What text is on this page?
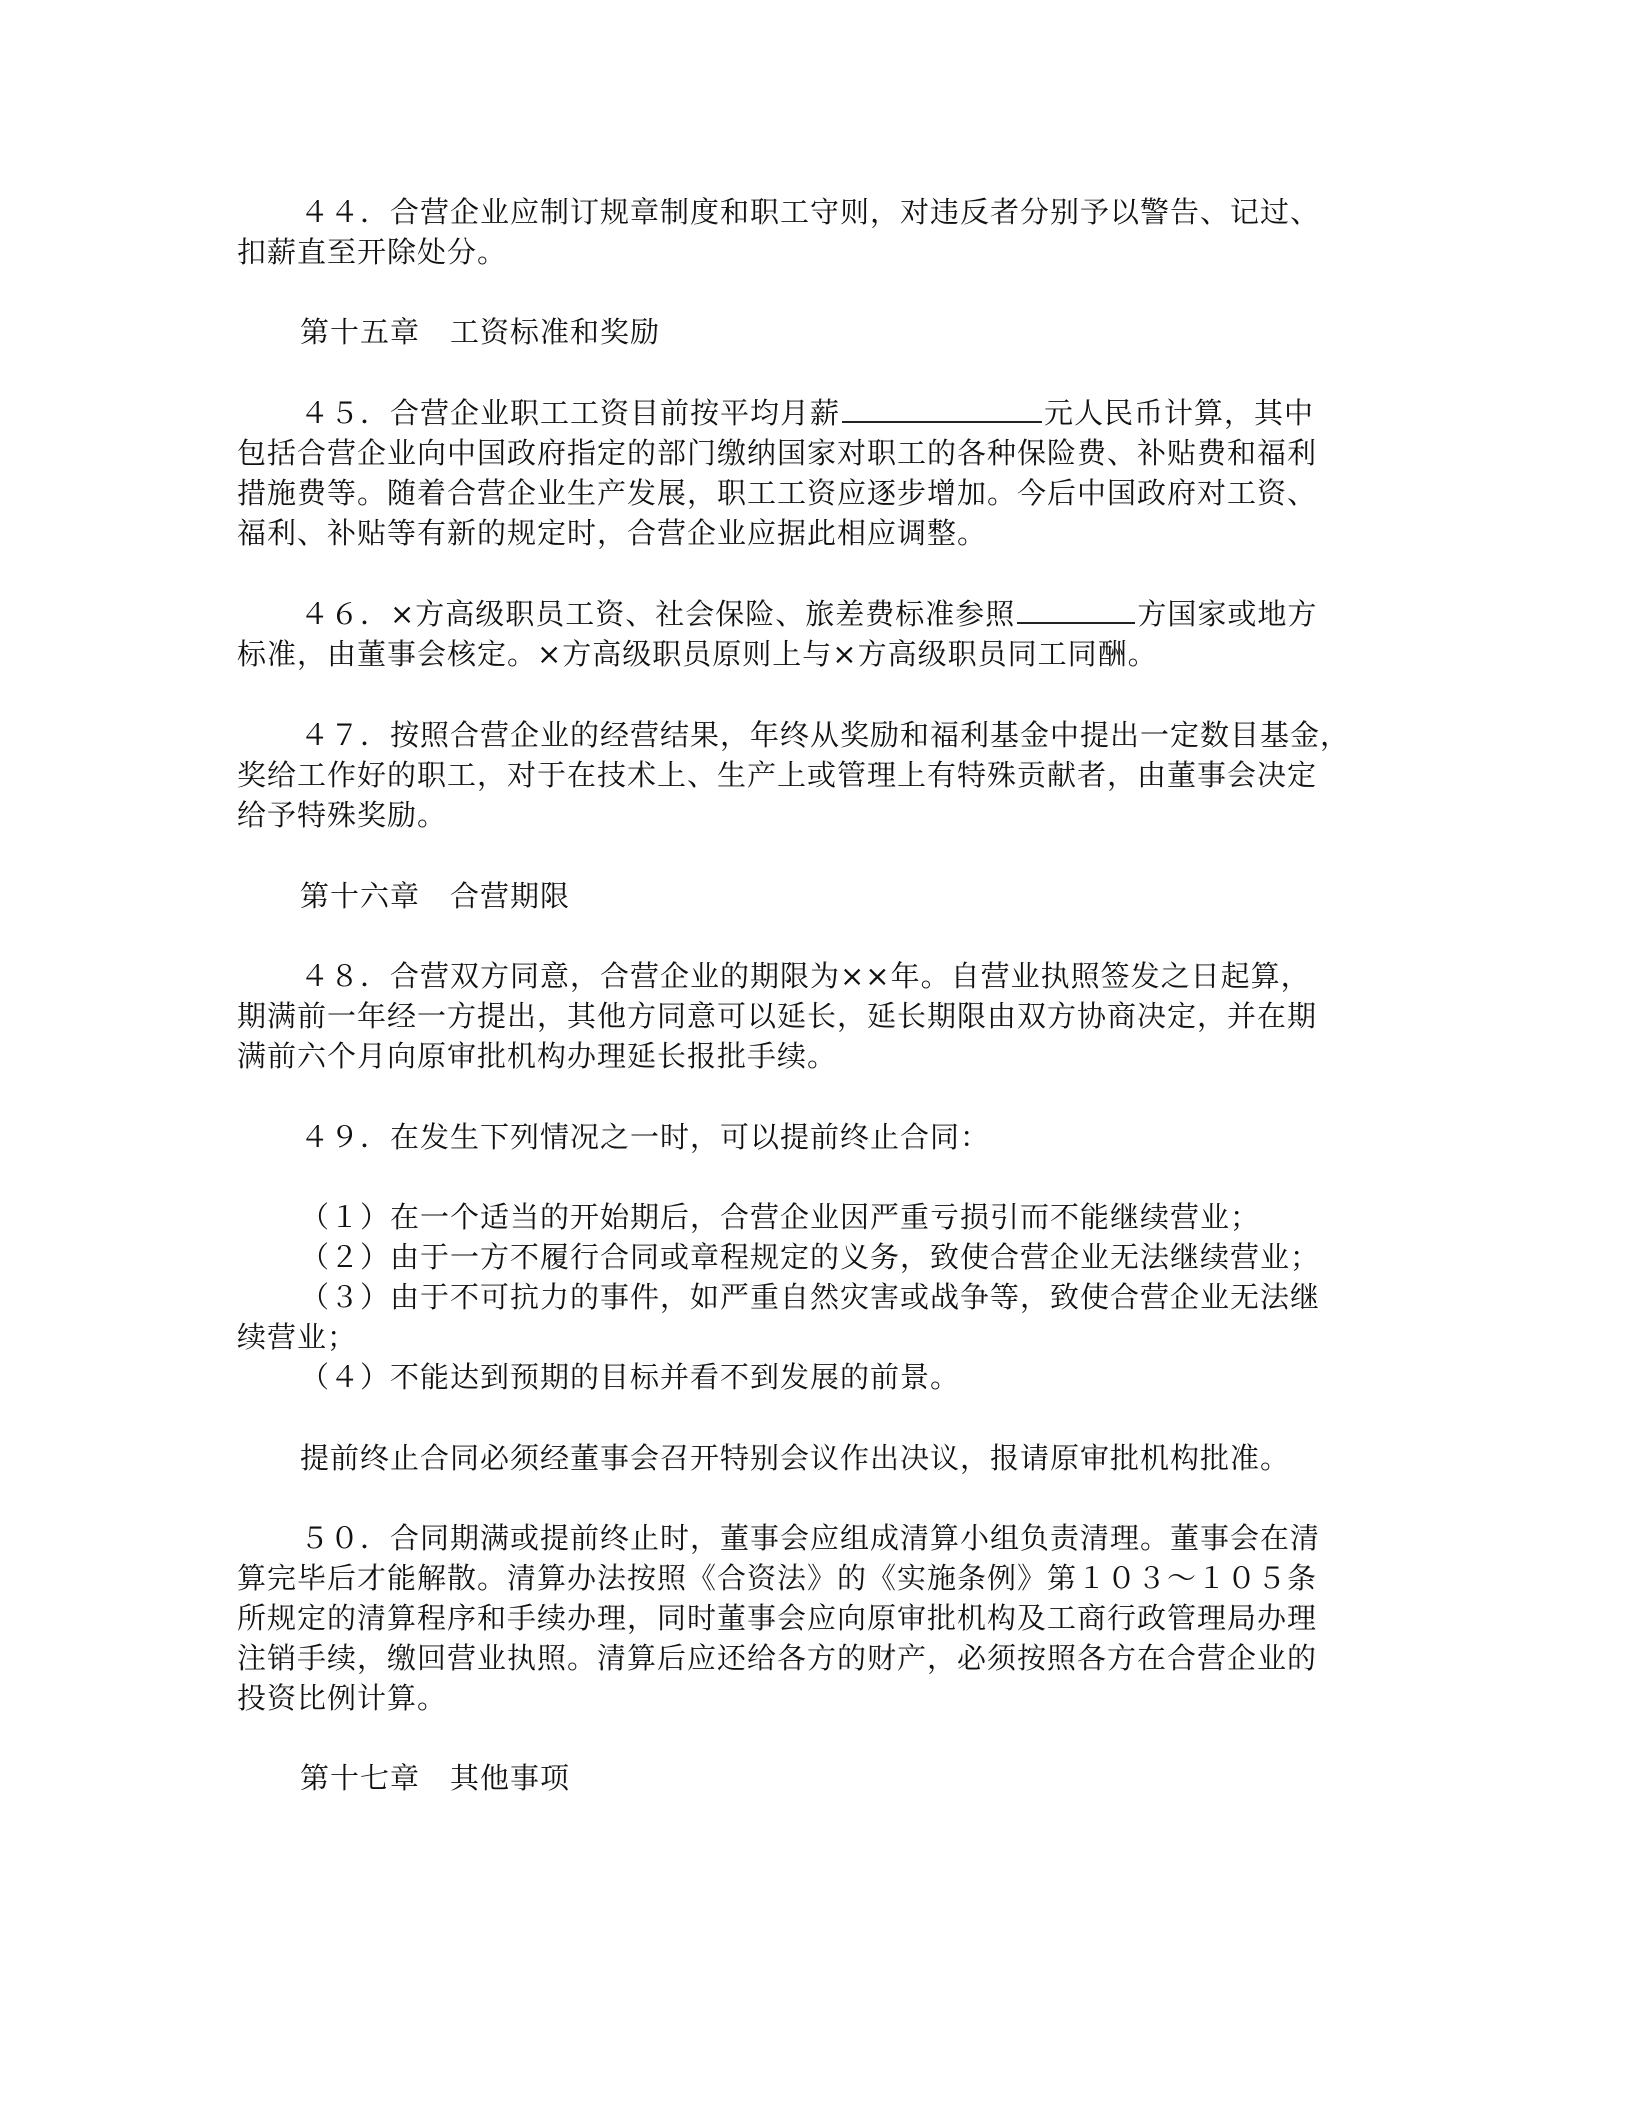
４４．合营企业应制订规章制度和职工守则，对违反者分别予以警告、记过、
扣薪直至开除处分。
第十五章　工资标准和奖励
４５．合营企业职工工资目前按平均月薪	元人民币计算，其中
包括合营企业向中国政府指定的部门缴纳国家对职工的各种保险费、补贴费和福利
措施费等。随着合营企业生产发展，职工工资应逐步增加。今后中国政府对工资、
福利、补贴等有新的规定时，合营企业应据此相应调整。
４６．×方高级职员工资、社会保险、旅差费标准参照	方国家或地方
标准，由董事会核定。×方高级职员原则上与×方高级职员同工同酬。
４７．按照合营企业的经营结果，年终从奖励和福利基金中提出一定数目基金，
奖给工作好的职工，对于在技术上、生产上或管理上有特殊贡献者，由董事会决定
给予特殊奖励。
第十六章　合营期限
４８．合营双方同意，合营企业的期限为××年。自营业执照签发之日起算，
期满前一年经一方提出，其他方同意可以延长，延长期限由双方协商决定，并在期
满前六个月向原审批机构办理延长报批手续。
４９．在发生下列情况之一时，可以提前终止合同：
（１）在一个适当的开始期后，合营企业因严重亏损引而不能继续营业；
（２）由于一方不履行合同或章程规定的义务，致使合营企业无法继续营业；
（３）由于不可抗力的事件，如严重自然灾害或战争等，致使合营企业无法继
续营业；
（４）不能达到预期的目标并看不到发展的前景。
提前终止合同必须经董事会召开特别会议作出决议，报请原审批机构批准。
５０．合同期满或提前终止时，董事会应组成清算小组负责清理。董事会在清
算完毕后才能解散。清算办法按照《合资法》的《实施条例》第１０３～１０５条
所规定的清算程序和手续办理，同时董事会应向原审批机构及工商行政管理局办理
注销手续，缴回营业执照。清算后应还给各方的财产，必须按照各方在合营企业的
投资比例计算。
第十七章　其他事项
